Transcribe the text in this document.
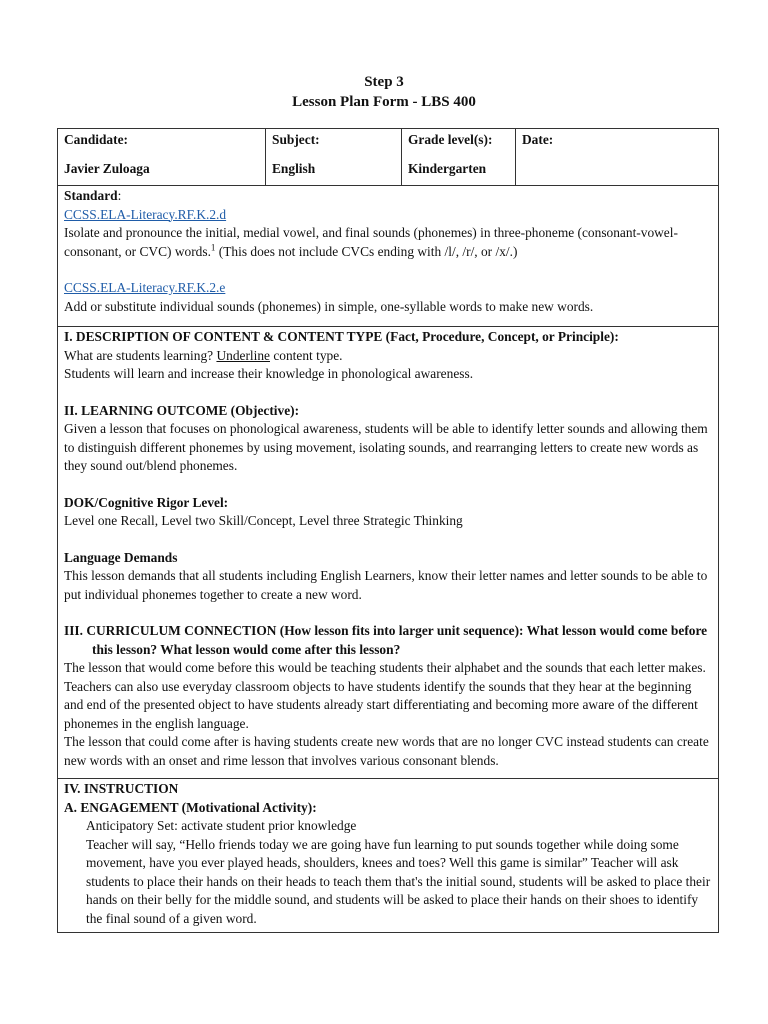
Step 3
Lesson Plan Form - LBS 400
Candidate:
Javier Zuloaga

Subject:
English

Grade level(s):
Kindergarten

Date:

Standard:

CCSS.ELA-Literacy.RF.K.2.d

Isolate and pronounce the initial, medial vowel, and final sounds (phonemes) in three-phoneme (consonant-vowel-consonant, or CVC) words.$^1$ (This does not include CVCs ending with /l/, /r/, or /x/.)

CCSS.ELA-Literacy.RF.K.2.e

Add or substitute individual sounds (phonemes) in simple, one-syllable words to make new words.

I. DESCRIPTION OF CONTENT & CONTENT TYPE (Fact, Procedure, Concept, or Principle):

What are students learning? Underline content type.

Students will learn and increase their knowledge in phonological awareness.

II. LEARNING OUTCOME (Objective):

Given a lesson that focuses on phonological awareness, students will be able to identify letter sounds and allowing them to distinguish different phonemes by using movement, isolating sounds, and rearranging letters to create new words as they sound out/blend phonemes.

DOK/Cognitive Rigor Level:

Level one Recall, Level two Skill/Concept, Level three Strategic Thinking

Language Demands

This lesson demands that all students including English Learners, know their letter names and letter sounds to be able to put individual phonemes together to create a new word.

III. CURRICULUM CONNECTION (How lesson fits into larger unit sequence): What lesson would come before this lesson? What lesson would come after this lesson?

The lesson that would come before this would be teaching students their alphabet and the sounds that each letter makes. Teachers can also use everyday classroom objects to have students identify the sounds that they hear at the beginning and end of the presented object to have students already start differentiating and becoming more aware of the different phonemes in the english language.

The lesson that could come after is having students create new words that are no longer CVC instead students can create new words with an onset and rime lesson that involves various consonant blends.

IV. INSTRUCTION

A. ENGAGEMENT (Motivational Activity):

Anticipatory Set: activate student prior knowledge

Teacher will say, “Hello friends today we are going have fun learning to put sounds together while doing some movement, have you ever played heads, shoulders, knees and toes? Well this game is similar” Teacher will ask students to place their hands on their heads to teach them that's the initial sound, students will be asked to place their hands on their belly for the middle sound, and students will be asked to place their hands on their shoes to identify the final sound of a given word.
